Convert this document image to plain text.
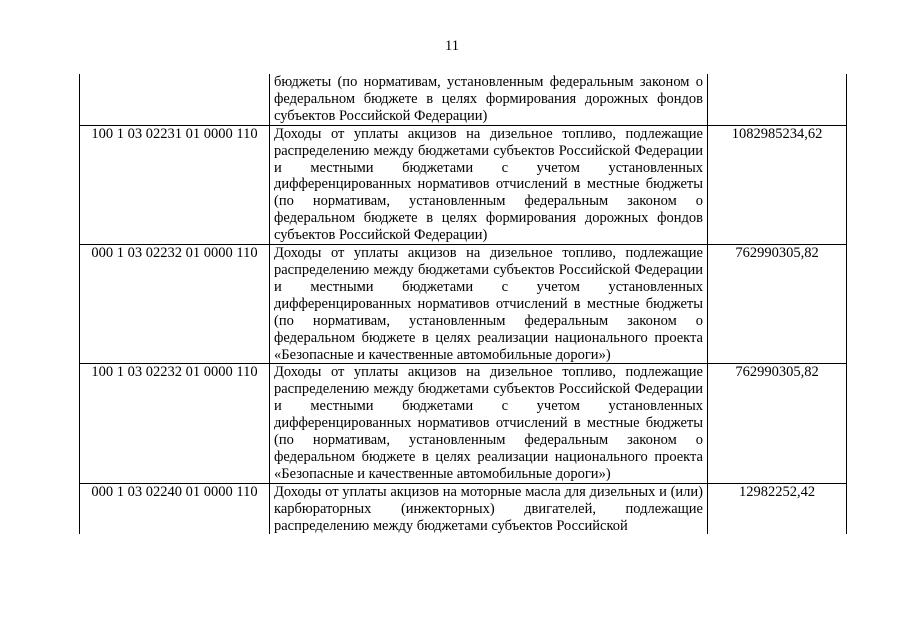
11
	бюджеты (по нормативам, установленным федеральным законом о федеральном бюджете в целях формирования дорожных фондов субъектов Российской Федерации)	
100 1 03 02231 01 0000 110	Доходы от уплаты акцизов на дизельное топливо, подлежащие распределению между бюджетами субъектов Российской Федерации и местными бюджетами с учетом установленных дифференцированных нормативов отчислений в местные бюджеты (по нормативам, установленным федеральным законом о федеральном бюджете в целях формирования дорожных фондов субъектов Российской Федерации)	1082985234,62
000 1 03 02232 01 0000 110	Доходы от уплаты акцизов на дизельное топливо, подлежащие распределению между бюджетами субъектов Российской Федерации и местными бюджетами с учетом установленных дифференцированных нормативов отчислений в местные бюджеты (по нормативам, установленным федеральным законом о федеральном бюджете в целях реализации национального проекта «Безопасные и качественные автомобильные дороги»)	762990305,82
100 1 03 02232 01 0000 110	Доходы от уплаты акцизов на дизельное топливо, подлежащие распределению между бюджетами субъектов Российской Федерации и местными бюджетами с учетом установленных дифференцированных нормативов отчислений в местные бюджеты (по нормативам, установленным федеральным законом о федеральном бюджете в целях реализации национального проекта «Безопасные и качественные автомобильные дороги»)	762990305,82
000 1 03 02240 01 0000 110	Доходы от уплаты акцизов на моторные масла для дизельных и (или) карбюраторных (инжекторных) двигателей, подлежащие распределению между бюджетами субъектов Российской	12982252,42
